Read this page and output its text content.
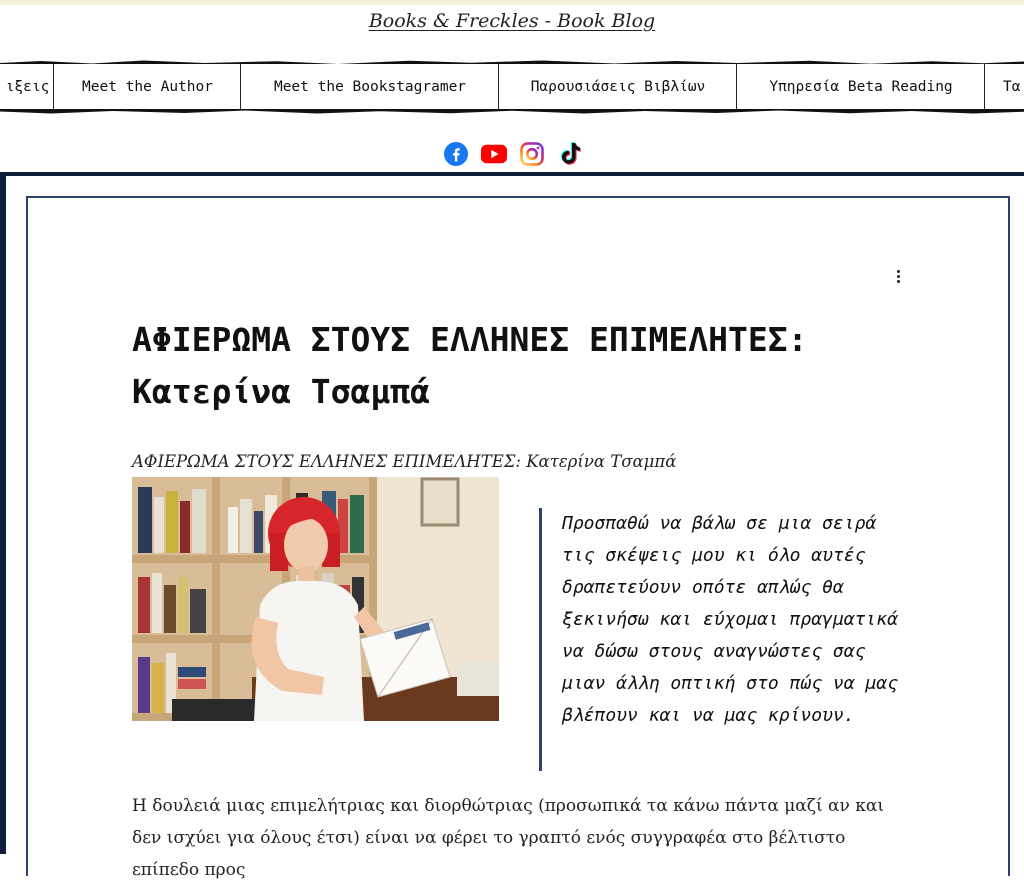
Books & Freckles - Book Blog
ιξεις	Meet the Author	Meet the Bookstagramer	Παρουσιάσεις Βιβλίων	Υπηρεσία Beta Reading	Τα
ΑΦΙΕΡΩΜΑ ΣΤΟΥΣ ΕΛΛΗΝΕΣ ΕΠΙΜΕΛΗΤΕΣ: Κατερίνα Τσαμπά

ΑΦΙΕΡΩΜΑ ΣΤΟΥΣ ΕΛΛΗΝΕΣ ΕΠΙΜΕΛΗΤΕΣ: Κατερίνα Τσαμπά

Προσπαθώ να βάλω σε μια σειρά τις σκέψεις μου κι όλο αυτές δραπετεύουν οπότε απλώς θα ξεκινήσω και εύχομαι πραγματικά να δώσω στους αναγνώστες σας μιαν άλλη οπτική στο πώς να μας βλέπουν και να μας κρίνουν.

Η δουλειά μιας επιμελήτριας και διορθώτριας (προσωπικά τα κάνω πάντα μαζί αν και δεν ισχύει για όλους έτσι) είναι να φέρει το γραπτό ενός συγγραφέα στο βέλτιστο επίπεδο προς
